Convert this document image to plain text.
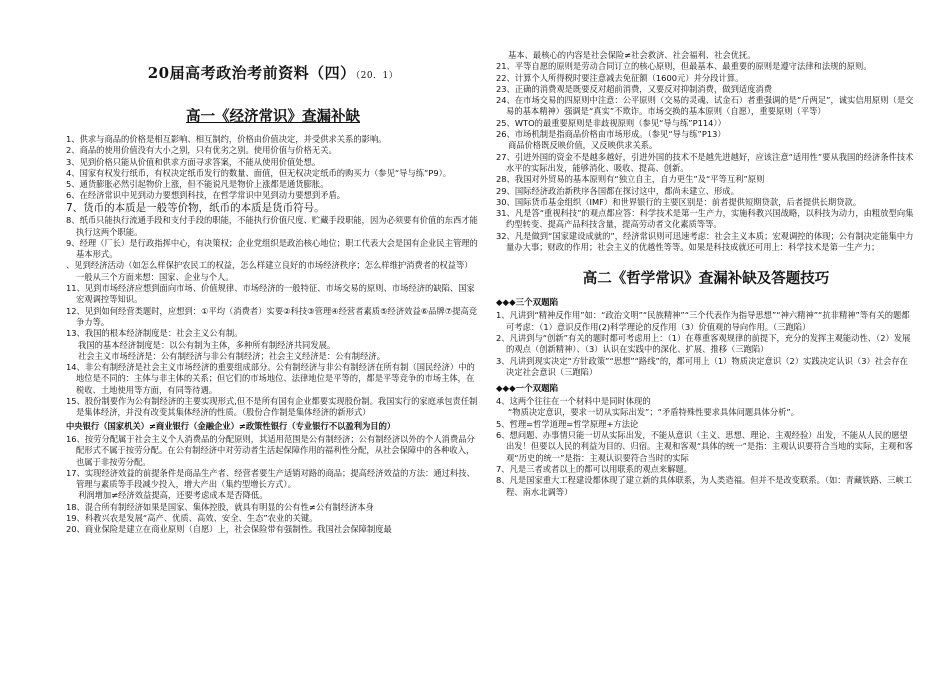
20届高考政治考前资料（四）（20．1）
高一《经济常识》查漏补缺

1、供求与商品的价格是相互影响、相互制约，价格由价值决定，并受供求关系的影响。

2、商品的使用价值没有大小之别，只有优劣之别。使用价值与价格无关。

3、见到价格只能从价值和供求方面寻求答案，不能从使用价值处想。

4、国家有权发行纸币，有权决定纸币发行的数量、面值，但无权决定纸币的购买力（参见“导与练”P9）。

5、通货膨胀必然引起物价上涨，但不能说凡是物价上涨都是通货膨胀。

6、在经济常识中见到动力要想到科技，在哲学常识中见到动力要想到矛盾。

7、货币的本质是一般等价物，纸币的本质是货币符号。

8、纸币只能执行流通手段和支付手段的职能，不能执行价值尺度、贮藏手段职能，因为必须要有价值的东西才能执行这两个职能。

9、经理（厂长）是行政指挥中心，有决策权；企业党组织是政治核心地位；职工代表大会是国有企业民主管理的基本形式。

、见到经济活动（如怎么样保护农民工的权益，怎么样建立良好的市场经济秩序；怎么样维护消费者的权益等）一般从三个方面来想：国家、企业与个人。

11、见到市场经济应想到面向市场、价值规律、市场经济的一般特征、市场交易的原则、市场经济的缺陷、国家宏观调控等知识。

12、见到如何经营类题时，应想到：①平均（消费者）实要②科技③管理④经营者素质⑤经济效益⑥品牌⑦提高竞争力等。

13、我国的根本经济制度是：社会主义公有制。

我国的基本经济制度是：以公有制为主体，多种所有制经济共同发展。

社会主义市场经济是：公有制经济与非公有制经济；社会主义经济是：公有制经济。

14、非公有制经济是社会主义市场经济的重要组成部分。公有制经济与非公有制经济在所有制（国民经济）中的地位是不同的：主体与非主体的关系；但它们的市场地位、法律地位是平等的，都是平等竞争的市场主体，在税收、土地使用等方面，有同等待遇。

15、股份制要作为公有制经济的主要实现形式,但不是所有国有企业都要实现股份制。我国实行的家庭承包责任制是集体经济，并没有改变其集体经济的性质。（股份合作制是集体经济的新形式）

中央银行（国家机关）≠商业银行（金融企业）≠政策性银行（专业银行不以盈利为目的）

16、按劳分配属于社会主义个人消费品的分配原则，其适用范围是公有制经济；公有制经济以外的个人消费品分配形式不属于按劳分配。在公有制经济中对劳动者生活起保障作用的福利性分配，从社会保障中的各种收入，也属于非按劳分配。

17、实现经济效益的前提条件是商品生产者、经营者要生产适销对路的商品；提高经济效益的方法：通过科技、管理与素质等手段减少投入，增大产出（集约型增长方式）。

利润增加≠经济效益提高，还要考虑成本是否降低。

18、混合所有制经济如果是国家、集体控股，就具有明显的公有性≠公有制经济本身

19、科教兴农是发展“高产、优质、高效、安全、生态”农业的关键。

20、商业保险是建立在商业原则（自愿）上，社会保险带有强制性。我国社会保障制度最

基本、最核心的内容是社会保险≠社会救济、社会福利、社会优抚。

21、平等自愿的原则是劳动合同订立的核心原则，但最基本、最重要的原则是遵守法律和法规的原则。

22、计算个人所得税时要注意减去免征额（1600元）并分段计算。

23、正确的消费观是既要反对超前消费，又要反对抑制消费，做到适度消费

24、在市场交易的四原则中注意：公平原则（交易的灵魂、试金石）者重强调的是“斤两足”，诚实信用原则（是交易的基本精神）强调是“真实”不欺诈。市场交换的基本原则（自愿），重要原则（平等）

25、WTO的最重要原则是非歧视原则（参见“导与练”P114））

26、市场机制是指商品价格由市场形成。（参见“导与练”P13）

商品价格既反映价值，又反映供求关系。

27、引进外国的资金不是越多越好，引进外国的技术不是越先进越好，应该注意“适用性”要从我国的经济条件技术水平的实际出发，能够消化、吸收、提高、创新。

28、我国对外贸易的基本原则有“独立自主，自力更生”及“平等互利”原则

29、国际经济政治新秩序各国都在探讨这中，都尚未建立、形成。

30、国际货币基金组织（IMF）和世界银行的主要区别是：前者提供短期贷款，后者提供长期贷款。

31、凡是答“重视科技”的观点都应答：科学技术是第一生产力，实施科教兴国战略，以科技为动力，由粗放型向集约型转变、提高产品科技含量，提高劳动者文化素质等等。

32、凡是做到“国家建设成就的”，经济常识则可迅速考虑：社会主义本质；宏观调控的体现；公有制决定能集中力量办大事；财政的作用；社会主义的优越性等等。如果是科技成就还可用上：科学技术是第一生产力；

高二《哲学常识》查漏补缺及答题技巧
◆◆◆三个双题陷

1、凡讲到“精神反作用”如：“政治文明”“民族精神”“三个代表作为指导思想”“神六精神”“抗非精神”等有关的题都可考虑：（1）意识反作用(2)科学理论的反作用（3）价值观的导向作用。（三跑陷）

2、凡讲到与“创新”有关的题时都可考虑用上：（1）在尊重客观规律的前提下，充分的发挥主观能动性、（2）发展的观点（创新精神）、（3）认识在实践中的深化、扩展、推移（三跑陷）

3、凡讲到现实决定“方针政策”“思想”“路线”的，都可用上（1）物质决定意识（2）实践决定认识（3）社会存在决定社会意识（三跑陷）

◆◆◆一个双题陷

4、这两个往往在一个材料中是同时体现的

“物质决定意识，要求一切从实际出发”；“矛盾特殊性要求具体问题具体分析”。

5、哲理=哲学道理=哲学原理+方法论

6、想问题、办事情只能一切从实际出发，不能从意识（主义、思想、理论、主观经验）出发，不能从人民的愿望出发！但要以人民的利益为目的、归宿。主观和客观“具体的统一”是指：主观认识要符合当地的实际，主观和客观“历史的统一”是指：主观认识要符合当时的实际

7、凡是三者或者以上的都可以用联系的观点来解题。

8、凡是国家重大工程建设都体现了建立新的具体联系，为人类造福。但并不是改变联系。（如：青藏铁路、三峡工程、南水北调等）
